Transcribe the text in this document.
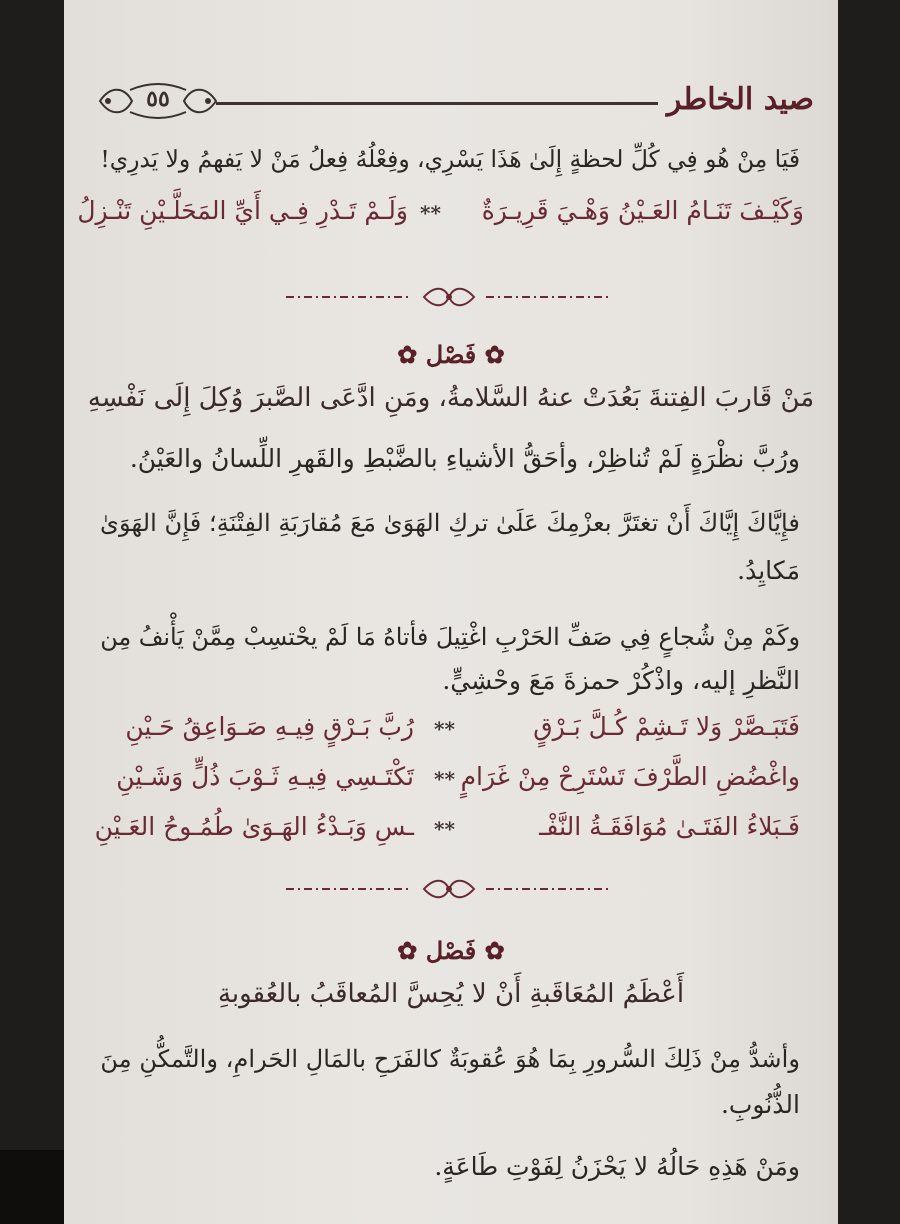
صيد الخاطر
٥٥
فَيَا مِنْ هُو فِي كُلِّ لحظةٍ إِلَىٰ هَذَا يَسْرِي، وفِعْلُهُ فِعلُ مَنْ لا يَفهمُ ولا يَدرِي!
وَكَيْـفَ تَنَـامُ العَـيْنُ وَهْـيَ قَرِيـرَةٌ
**
وَلَـمْ تَـدْرِ فِـي أَيِّ المَحَلَّـيْنِ تَنْـزِلُ
✿ فَصْل ✿
مَنْ قَاربَ الفِتنةَ بَعُدَتْ عنهُ السَّلامةُ، ومَنِ ادَّعَى الصَّبرَ وُكِلَ إِلَى نَفْسِهِ
ورُبَّ نظْرَةٍ لَمْ تُناظِرْ، وأحَقُّ الأشياءِ بالضَّبْطِ والقَهرِ اللِّسانُ والعَيْنُ.
فإِيَّاكَ إِيَّاكَ أَنْ تغتَرَّ بعزْمِكَ عَلَىٰ تركِ الهَوَىٰ مَعَ مُقارَبَةِ الفِتْنَةِ؛ فَإِنَّ الهَوَىٰ
مَكايِدُ.
وكَمْ مِنْ شُجاعٍ فِي صَفِّ الحَرْبِ اغْتِيلَ فأتاهُ مَا لَمْ يحْتسِبْ مِمَّنْ يَأْنفُ مِن
النَّظرِ إليه، واذْكُرْ حمزةَ مَعَ وحْشِيٍّ.
فَتَبَـصَّرْ وَلا تَـشِمْ كُـلَّ بَـرْقٍ
**
رُبَّ بَـرْقٍ فِيـهِ صَـوَاعِقُ حَـيْنِ
واغْضُضِ الطَّرْفَ تَسْتَرِحْ مِنْ غَرَامٍ
**
تَكْتَـسِي فِيـهِ ثَـوْبَ ذُلٍّ وَشَـيْنِ
فَـبَلاءُ الفَتَـىٰ مُوَافَقَـةُ النَّفْـ
**
ـسِ وَبَـدْءُ الهَـوَىٰ طُمُـوحُ العَـيْنِ
✿ فَصْل ✿
أَعْظَمُ المُعَاقَبةِ أَنْ لا يُحِسَّ المُعاقَبُ بالعُقوبةِ
وأشدُّ مِنْ ذَلِكَ السُّرورِ بِمَا هُوَ عُقوبَةٌ كالفَرَحِ بالمَالِ الحَرامِ، والتَّمكُّنِ مِنَ
الذُّنُوبِ.
ومَنْ هَذِهِ حَالُهُ لا يَحْزَنُ لِفَوْتِ طَاعَةٍ.
